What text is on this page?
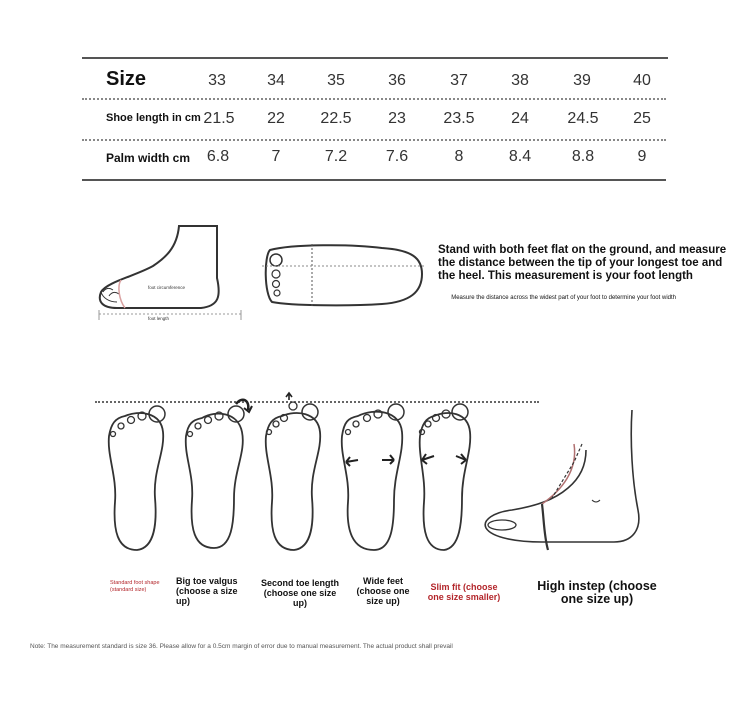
Size	33	34	35	36	37	38	39	40
Shoe length in cm 21.5	22	22.5	23	23.5	24	24.5	25
Palm width cm	6.8	7	7.2	7.6	8	8.4	8.8	9
foot circumference
foot length
Stand with both feet flat on the ground, and measure the distance between the tip of your longest toe and the heel. This measurement is your foot length
Measure the distance across the widest part of your foot to determine your foot width
Standard foot shape (standard size)
Big toe valgus (choose a size up)
Second toe length (choose one size up)
Wide feet (choose one size up)
Slim fit (choose one size smaller)
High instep (choose one size up)
Note: The measurement standard is size 36. Please allow for a 0.5cm margin of error due to manual measurement. The actual product shall prevail
